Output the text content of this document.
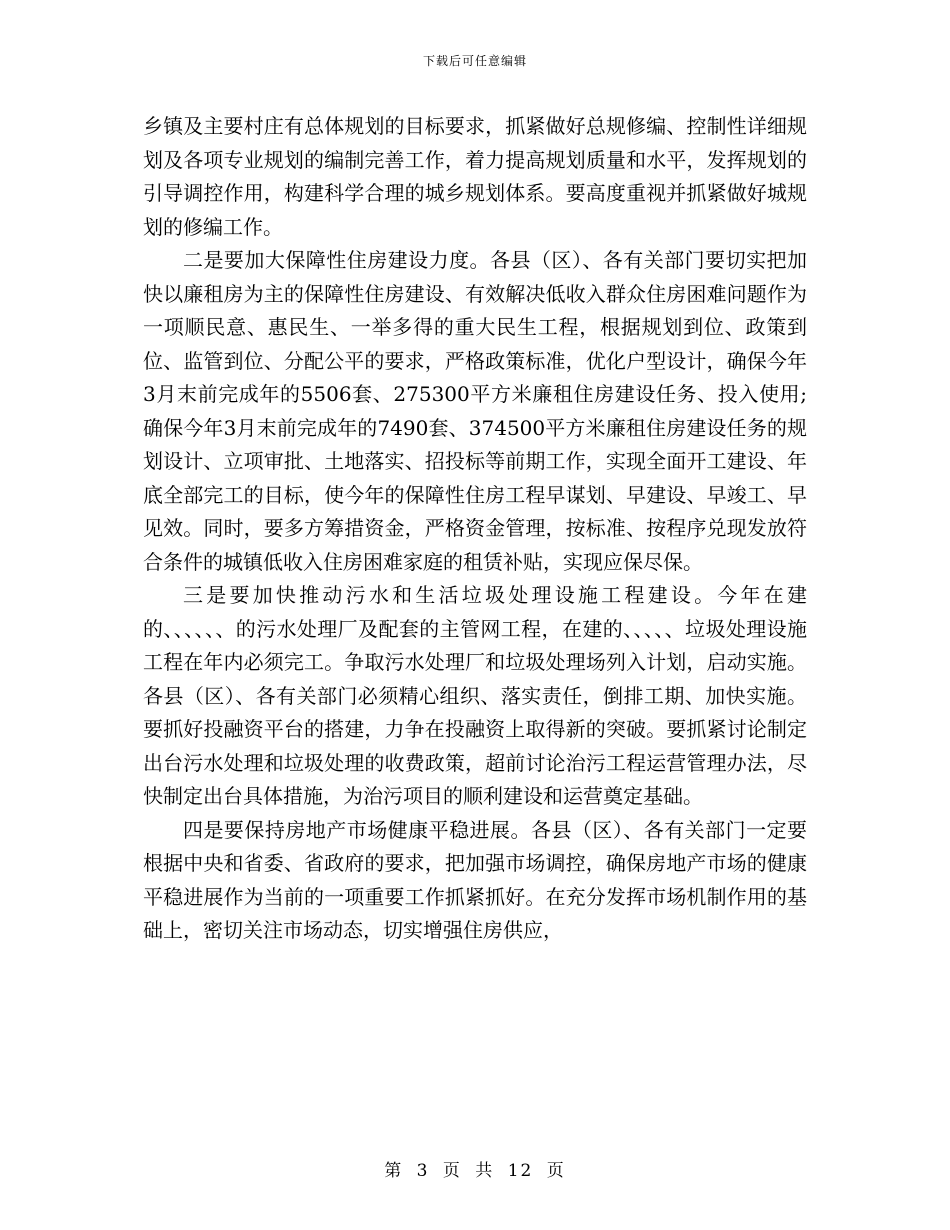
下载后可任意编辑

乡镇及主要村庄有总体规划的目标要求，抓紧做好总规修编、控制性详细规划及各项专业规划的编制完善工作，着力提高规划质量和水平，发挥规划的引导调控作用，构建科学合理的城乡规划体系。要高度重视并抓紧做好城规划的修编工作。

二是要加大保障性住房建设力度。各县（区）、各有关部门要切实把加快以廉租房为主的保障性住房建设、有效解决低收入群众住房困难问题作为一项顺民意、惠民生、一举多得的重大民生工程，根据规划到位、政策到位、监管到位、分配公平的要求，严格政策标准，优化户型设计，确保今年3月末前完成年的5506套、275300平方米廉租住房建设任务、投入使用;确保今年3月末前完成年的7490套、374500平方米廉租住房建设任务的规划设计、立项审批、土地落实、招投标等前期工作，实现全面开工建设、年底全部完工的目标，使今年的保障性住房工程早谋划、早建设、早竣工、早见效。同时，要多方筹措资金，严格资金管理，按标准、按程序兑现发放符合条件的城镇低收入住房困难家庭的租赁补贴，实现应保尽保。

三是要加快推动污水和生活垃圾处理设施工程建设。今年在建的、、、、、、的污水处理厂及配套的主管网工程，在建的、、、、、垃圾处理设施工程在年内必须完工。争取污水处理厂和垃圾处理场列入计划，启动实施。各县（区）、各有关部门必须精心组织、落实责任，倒排工期、加快实施。要抓好投融资平台的搭建，力争在投融资上取得新的突破。要抓紧讨论制定出台污水处理和垃圾处理的收费政策，超前讨论治污工程运营管理办法，尽快制定出台具体措施，为治污项目的顺利建设和运营奠定基础。

四是要保持房地产市场健康平稳进展。各县（区）、各有关部门一定要根据中央和省委、省政府的要求，把加强市场调控，确保房地产市场的健康平稳进展作为当前的一项重要工作抓紧抓好。在充分发挥市场机制作用的基础上，密切关注市场动态，切实增强住房供应，

第 3 页 共 12 页
